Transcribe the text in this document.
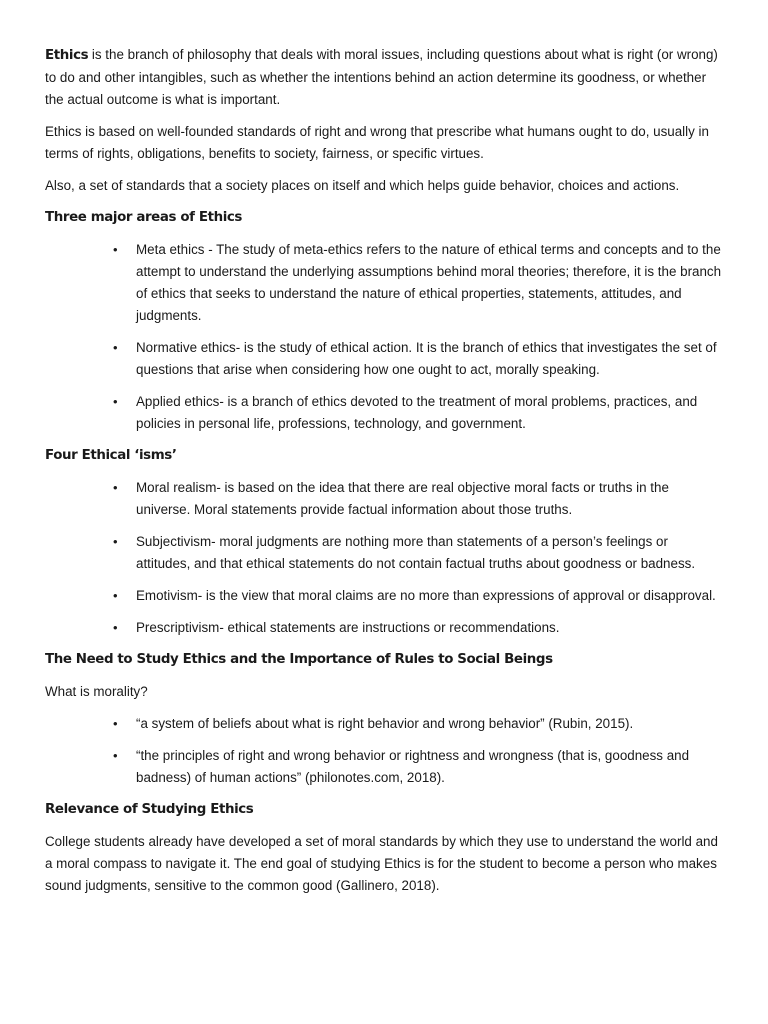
Ethics is the branch of philosophy that deals with moral issues, including questions about what is right (or wrong) to do and other intangibles, such as whether the intentions behind an action determine its goodness, or whether the actual outcome is what is important.

Ethics is based on well-founded standards of right and wrong that prescribe what humans ought to do, usually in terms of rights, obligations, benefits to society, fairness, or specific virtues.

Also, a set of standards that a society places on itself and which helps guide behavior, choices and actions.

Three major areas of Ethics
• Meta ethics - The study of meta-ethics refers to the nature of ethical terms and concepts and to the attempt to understand the underlying assumptions behind moral theories; therefore, it is the branch of ethics that seeks to understand the nature of ethical properties, statements, attitudes, and judgments.
• Normative ethics- is the study of ethical action. It is the branch of ethics that investigates the set of questions that arise when considering how one ought to act, morally speaking.
• Applied ethics- is a branch of ethics devoted to the treatment of moral problems, practices, and policies in personal life, professions, technology, and government.
Four Ethical ‘isms’
• Moral realism- is based on the idea that there are real objective moral facts or truths in the universe. Moral statements provide factual information about those truths.
• Subjectivism- moral judgments are nothing more than statements of a person’s feelings or attitudes, and that ethical statements do not contain factual truths about goodness or badness.
• Emotivism- is the view that moral claims are no more than expressions of approval or disapproval.
• Prescriptivism- ethical statements are instructions or recommendations.
The Need to Study Ethics and the Importance of Rules to Social Beings

What is morality?

• “a system of beliefs about what is right behavior and wrong behavior” (Rubin, 2015).
• “the principles of right and wrong behavior or rightness and wrongness (that is, goodness and badness) of human actions” (philonotes.com, 2018).
Relevance of Studying Ethics

College students already have developed a set of moral standards by which they use to understand the world and a moral compass to navigate it. The end goal of studying Ethics is for the student to become a person who makes sound judgments, sensitive to the common good (Gallinero, 2018).
